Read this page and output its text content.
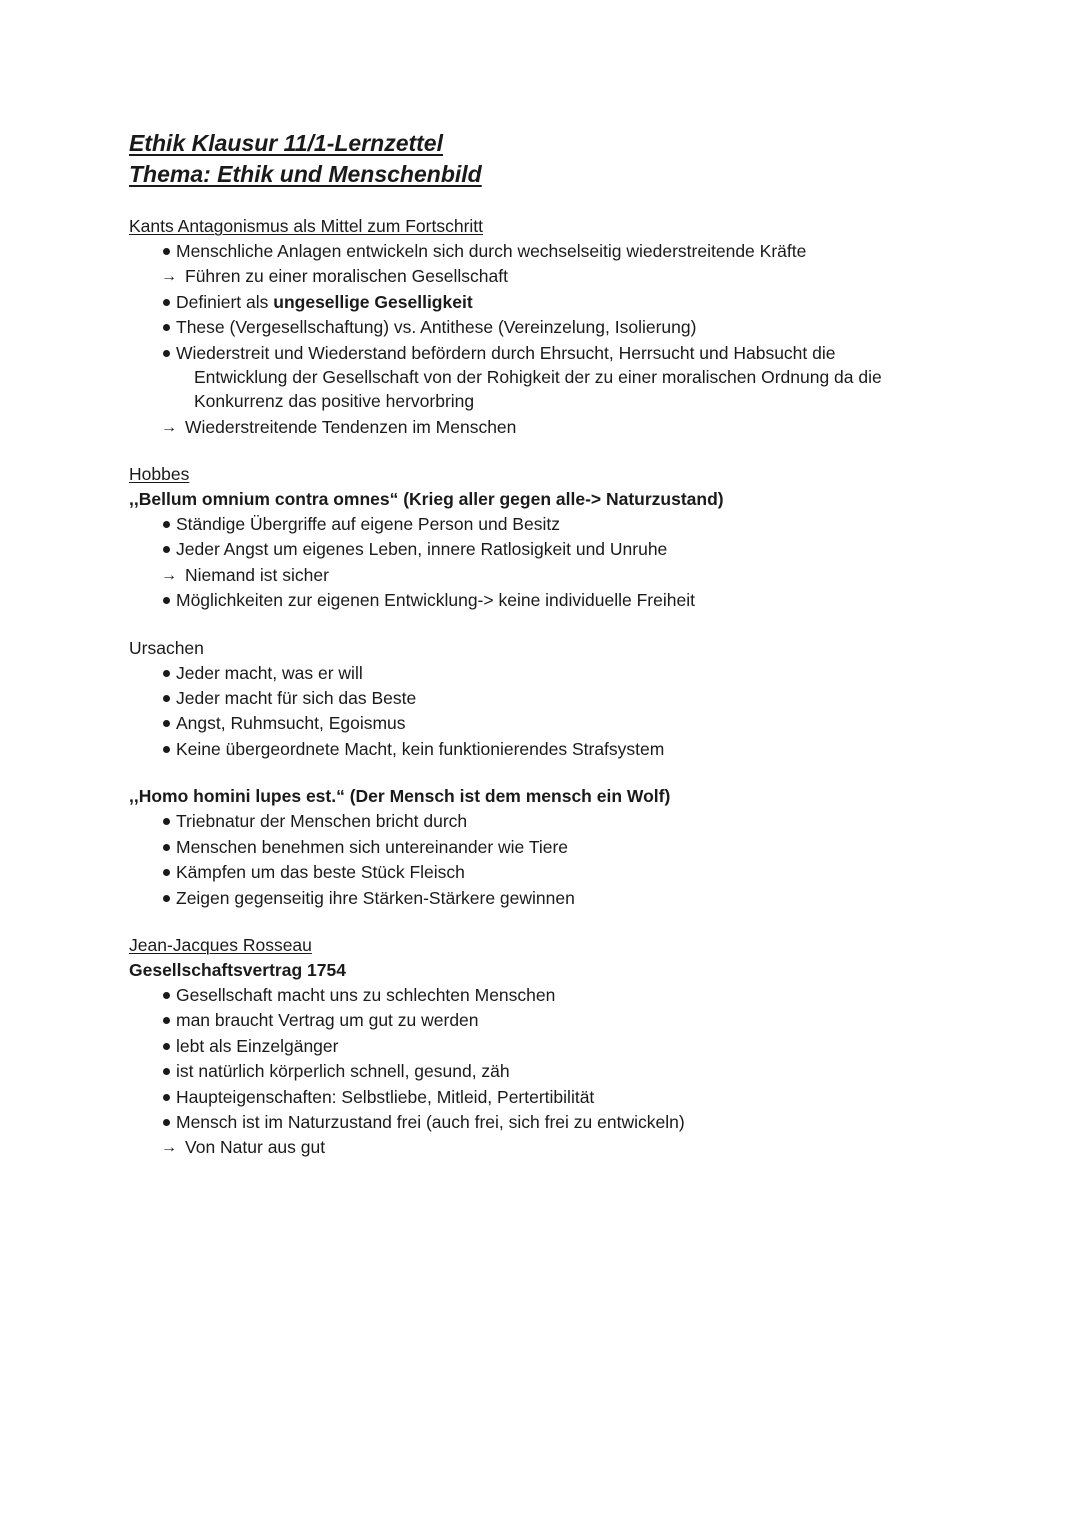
Ethik Klausur 11/1-Lernzettel
Thema: Ethik und Menschenbild
Kants Antagonismus als Mittel zum Fortschritt
Menschliche Anlagen entwickeln sich durch wechselseitig wiederstreitende Kräfte
→ Führen zu einer moralischen Gesellschaft
Definiert als ungesellige Geselligkeit
These (Vergesellschaftung) vs. Antithese (Vereinzelung, Isolierung)
Wiederstreit und Wiederstand befördern durch Ehrsucht, Herrsucht und Habsucht die
Entwicklung der Gesellschaft von der Rohigkeit der zu einer moralischen Ordnung da die
Konkurrenz das positive hervorbring
→ Wiederstreitende Tendenzen im Menschen
Hobbes
,,Bellum omnium contra omnes“ (Krieg aller gegen alle-> Naturzustand)
Ständige Übergriffe auf eigene Person und Besitz
Jeder Angst um eigenes Leben, innere Ratlosigkeit und Unruhe
→ Niemand ist sicher
Möglichkeiten zur eigenen Entwicklung-> keine individuelle Freiheit
Ursachen
Jeder macht, was er will
Jeder macht für sich das Beste
Angst, Ruhmsucht, Egoismus
Keine übergeordnete Macht, kein funktionierendes Strafsystem
,,Homo homini lupes est.“ (Der Mensch ist dem mensch ein Wolf)
Triebnatur der Menschen bricht durch
Menschen benehmen sich untereinander wie Tiere
Kämpfen um das beste Stück Fleisch
Zeigen gegenseitig ihre Stärken-Stärkere gewinnen
Jean-Jacques Rosseau
Gesellschaftsvertrag 1754
Gesellschaft macht uns zu schlechten Menschen
man braucht Vertrag um gut zu werden
lebt als Einzelgänger
ist natürlich körperlich schnell, gesund, zäh
Haupteigenschaften: Selbstliebe, Mitleid, Pertertibilität
Mensch ist im Naturzustand frei (auch frei, sich frei zu entwickeln)
→ Von Natur aus gut
